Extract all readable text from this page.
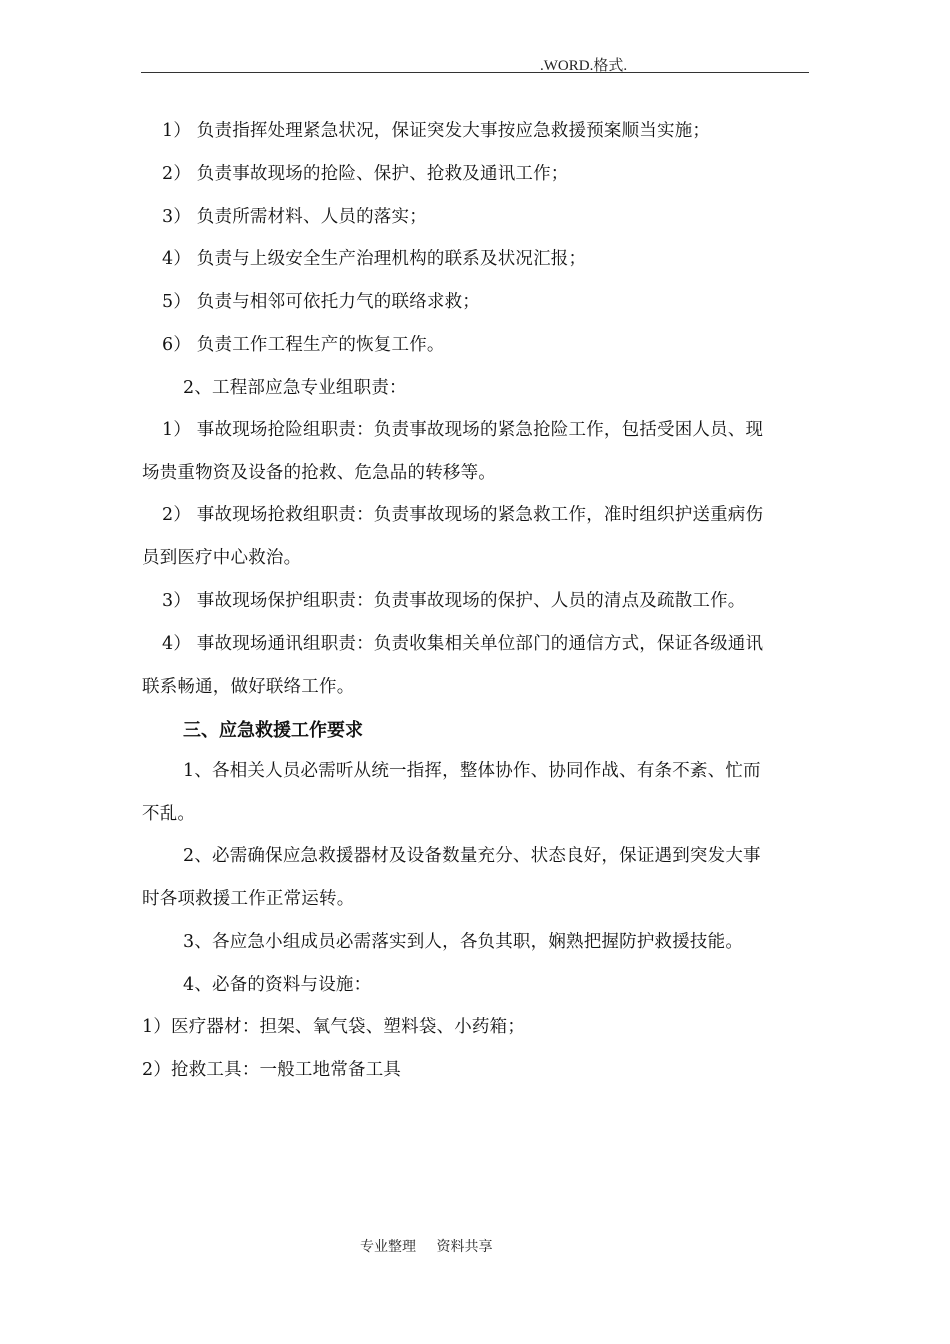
.WORD.格式.
1） 负责指挥处理紧急状况，保证突发大事按应急救援预案顺当实施；
2） 负责事故现场的抢险、保护、抢救及通讯工作；
3） 负责所需材料、人员的落实；
4） 负责与上级安全生产治理机构的联系及状况汇报；
5） 负责与相邻可依托力气的联络求救；
6） 负责工作工程生产的恢复工作。
2、工程部应急专业组职责：
1） 事故现场抢险组职责：负责事故现场的紧急抢险工作，包括受困人员、现
场贵重物资及设备的抢救、危急品的转移等。
2） 事故现场抢救组职责：负责事故现场的紧急救工作，准时组织护送重病伤
员到医疗中心救治。
3） 事故现场保护组职责：负责事故现场的保护、人员的清点及疏散工作。
4） 事故现场通讯组职责：负责收集相关单位部门的通信方式，保证各级通讯
联系畅通，做好联络工作。
三、应急救援工作要求
1、各相关人员必需听从统一指挥，整体协作、协同作战、有条不紊、忙而
不乱。
2、必需确保应急救援器材及设备数量充分、状态良好，保证遇到突发大事
时各项救援工作正常运转。
3、各应急小组成员必需落实到人，各负其职，娴熟把握防护救援技能。
4、必备的资料与设施：
1）医疗器材：担架、氧气袋、塑料袋、小药箱；
2）抢救工具：一般工地常备工具
专业整理 资料共享
